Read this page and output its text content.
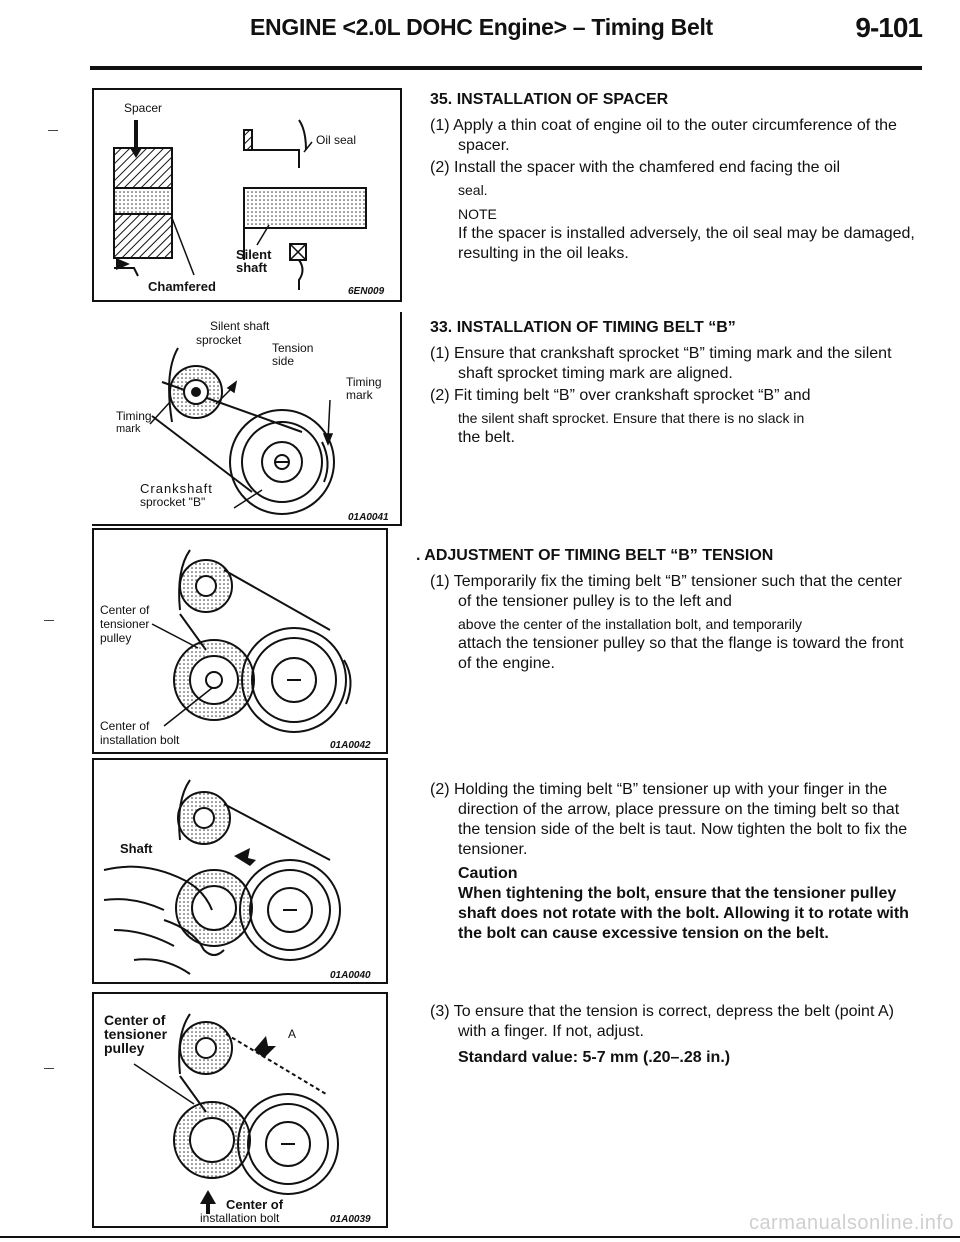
ENGINE <2.0L DOHC Engine> – Timing Belt	9-101
Spacer
Oil seal
Silent
shaft
Chamfered	6EN009
Silent shaft
sprocket
Tension
side
Timing
mark
Timing
mark
Crankshaft
sprocket "B"
01A0041
Center of
tensioner
pulley
Center of
installation bolt	01A0042
Shaft
01A0040
Center of
tensioner
pulley
A
Center of
installation bolt	01A0039
35. INSTALLATION OF SPACER
(1) Apply a thin coat of engine oil to the outer circumference of the spacer.
(2) Install the spacer with the chamfered end facing the oil
seal.
NOTE
If the spacer is installed adversely, the oil seal may be damaged, resulting in the oil leaks.
33. INSTALLATION OF TIMING BELT “B”
(1) Ensure that crankshaft sprocket “B” timing mark and the silent shaft sprocket timing mark are aligned.
(2) Fit timing belt “B” over crankshaft sprocket “B” and
the silent shaft sprocket. Ensure that there is no slack in
the belt.
. ADJUSTMENT OF TIMING BELT “B” TENSION
(1) Temporarily fix the timing belt “B” tensioner such that the center of the tensioner pulley is to the left and
above the center of the installation bolt, and temporarily
attach the tensioner pulley so that the flange is toward the front of the engine.
(2) Holding the timing belt “B” tensioner up with your finger in the direction of the arrow, place pressure on the timing belt so that the tension side of the belt is taut. Now tighten the bolt to fix the tensioner.
Caution
When tightening the bolt, ensure that the tensioner pulley shaft does not rotate with the bolt. Allowing it to rotate with the bolt can cause excessive tension on the belt.
(3) To ensure that the tension is correct, depress the belt (point A) with a finger. If not, adjust.
Standard value: 5-7 mm (.20–.28 in.)
carmanualsonline.info
